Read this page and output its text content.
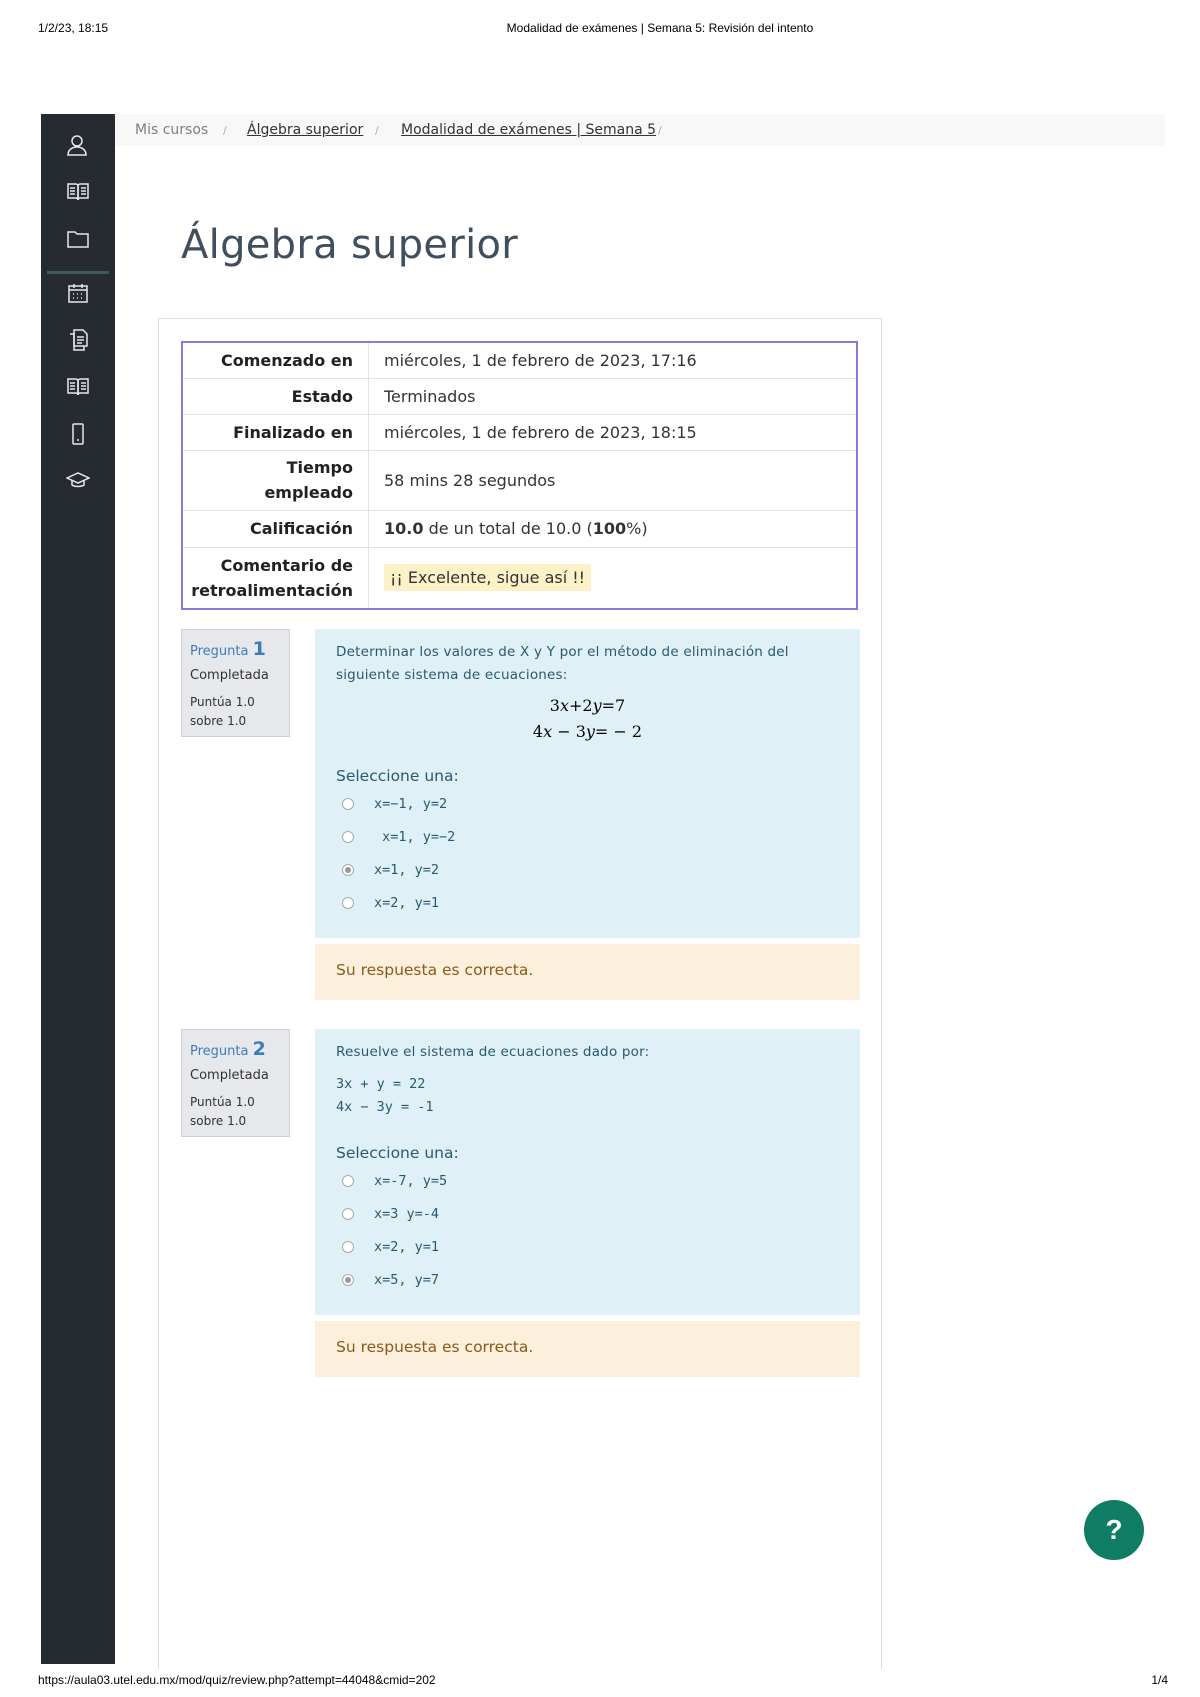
1/2/23, 18:15	Modalidad de exámenes | Semana 5: Revisión del intento
Mis cursos / Álgebra superior / Modalidad de exámenes | Semana 5 /
Álgebra superior
Comenzado en	miércoles, 1 de febrero de 2023, 17:16
Estado	Terminados
Finalizado en	miércoles, 1 de febrero de 2023, 18:15
Tiempo
empleado	58 mins 28 segundos
Calificación	10.0 de un total de 10.0 (100%)
Comentario de
retroalimentación	¡¡ Excelente, sigue así !!
Pregunta 1
Completada
Puntúa 1.0
sobre 1.0
Determinar los valores de X y Y por el método de eliminación del
siguiente sistema de ecuaciones:
3x+2y=7
4x − 3y= − 2
Seleccione una:
x=−1, y=2
x=1, y=−2
x=1, y=2
x=2, y=1
Su respuesta es correcta.
Pregunta 2
Completada
Puntúa 1.0
sobre 1.0
Resuelve el sistema de ecuaciones dado por:
3x + y = 22
4x − 3y = -1
Seleccione una:
x=-7, y=5
x=3 y=-4
x=2, y=1
x=5, y=7
Su respuesta es correcta.
?
https://aula03.utel.edu.mx/mod/quiz/review.php?attempt=44048&cmid=202	1/4
